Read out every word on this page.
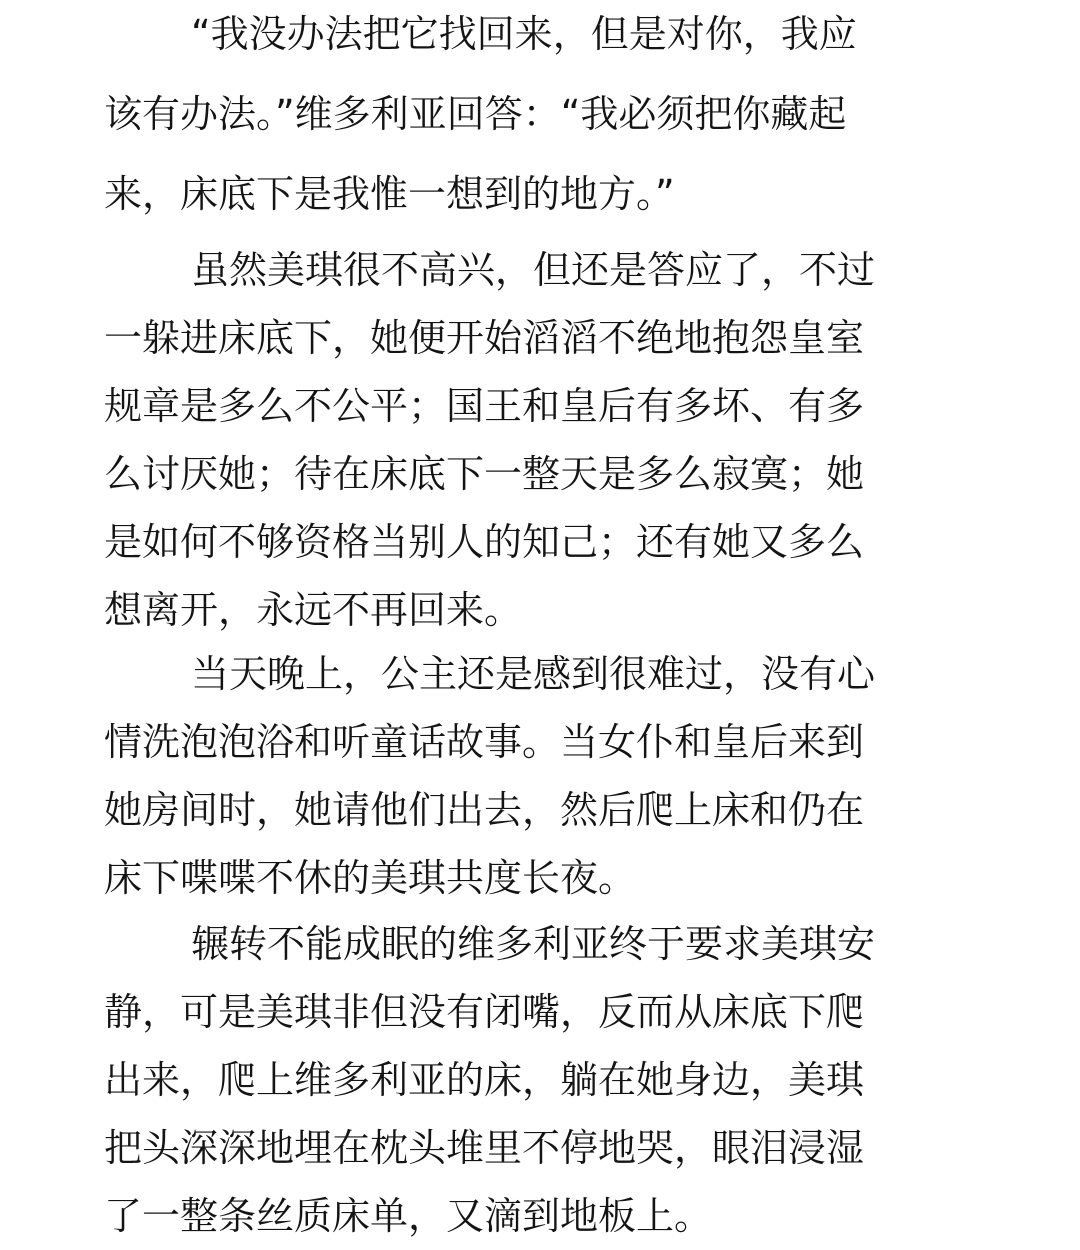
“我没办法把它找回来，但是对你，我应
该有办法。”维多利亚回答：“我必须把你藏起
来，床底下是我惟一想到的地方。”

虽然美琪很不高兴，但还是答应了，不过
一躲进床底下，她便开始滔滔不绝地抱怨皇室
规章是多么不公平；国王和皇后有多坏、有多
么讨厌她；待在床底下一整天是多么寂寞；她
是如何不够资格当别人的知己；还有她又多么
想离开，永远不再回来。

当天晚上，公主还是感到很难过，没有心
情洗泡泡浴和听童话故事。当女仆和皇后来到
她房间时，她请他们出去，然后爬上床和仍在
床下喋喋不休的美琪共度长夜。

辗转不能成眠的维多利亚终于要求美琪安
静，可是美琪非但没有闭嘴，反而从床底下爬
出来，爬上维多利亚的床，躺在她身边，美琪
把头深深地埋在枕头堆里不停地哭，眼泪浸湿
了一整条丝质床单，又滴到地板上。
